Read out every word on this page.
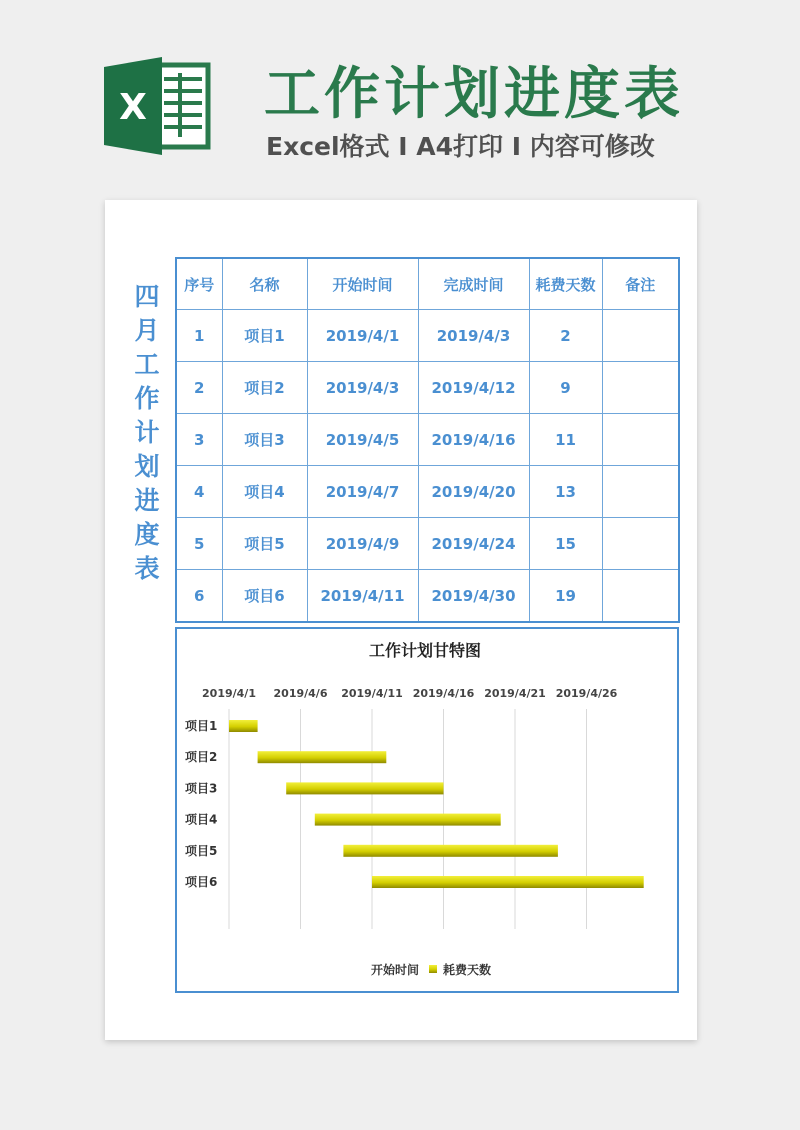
X 工作计划进度表
Excel格式 I A4打印 I 内容可修改
四月工作计划进度表
序号	名称	开始时间	完成时间	耗费天数	备注
1	项目1	2019/4/1	2019/4/3	2	
2	项目2	2019/4/3	2019/4/12	9	
3	项目3	2019/4/5	2019/4/16	11	
4	项目4	2019/4/7	2019/4/20	13	
5	项目5	2019/4/9	2019/4/24	15	
6	项目6	2019/4/11	2019/4/30	19	
工作计划甘特图
2019/4/1 2019/4/6 2019/4/11 2019/4/16 2019/4/21 2019/4/26
项目1
项目2
项目3
项目4
项目5
项目6
开始时间 耗费天数
